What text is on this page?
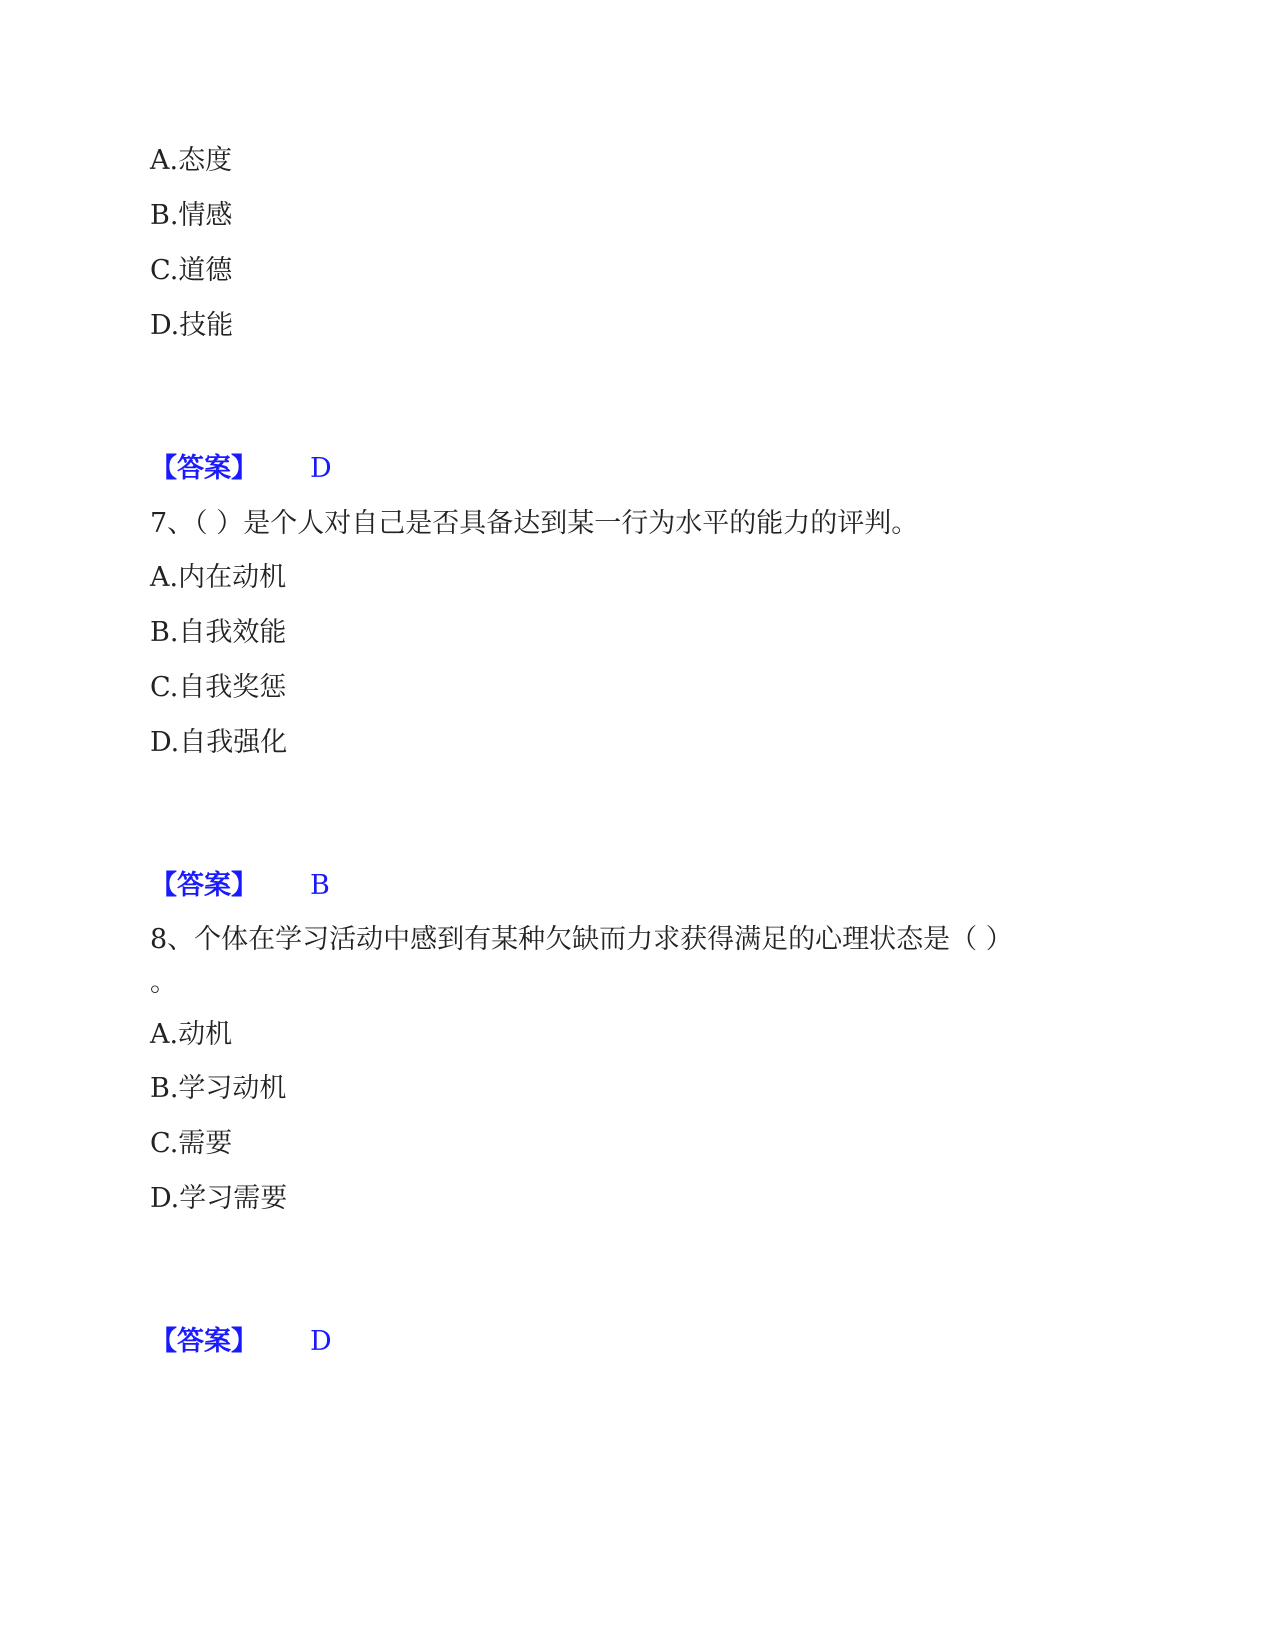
A.态度
B.情感
C.道德
D.技能
【答案】 D
7、（ ）是个人对自己是否具备达到某一行为水平的能力的评判。
A.内在动机
B.自我效能
C.自我奖惩
D.自我强化
【答案】 B
8、个体在学习活动中感到有某种欠缺而力求获得满足的心理状态是（ ）
。
A.动机
B.学习动机
C.需要
D.学习需要
【答案】 D
